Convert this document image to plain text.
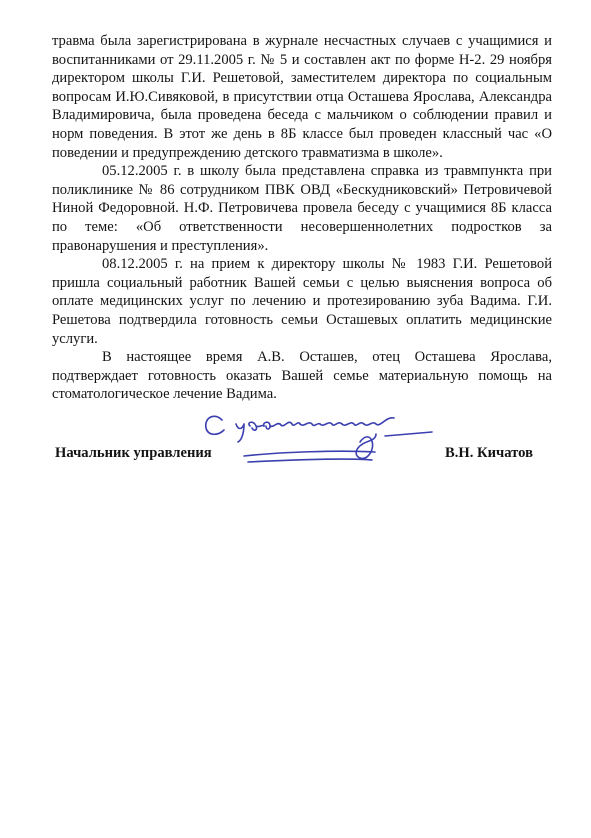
травма была зарегистрирована в журнале несчастных случаев с учащимися и воспитанниками от 29.11.2005 г. № 5 и составлен акт по форме Н-2. 29 ноября директором школы Г.И. Решетовой, заместителем директора по социальным вопросам И.Ю.Сивяковой, в присутствии отца Осташева Ярослава, Александра Владимировича, была проведена беседа с мальчиком о соблюдении правил и норм поведения. В этот же день в 8Б классе был проведен классный час «О поведении и предупреждению детского травматизма в школе».

05.12.2005 г. в школу была представлена справка из травмпункта при поликлинике № 86 сотрудником ПВК ОВД «Бескудниковский» Петровичевой Ниной Федоровной. Н.Ф. Петровичева провела беседу с учащимися 8Б класса по теме: «Об ответственности несовершеннолетних подростков за правонарушения и преступления».

08.12.2005 г. на прием к директору школы № 1983 Г.И. Решетовой пришла социальный работник Вашей семьи с целью выяснения вопроса об оплате медицинских услуг по лечению и протезированию зуба Вадима. Г.И. Решетова подтвердила готовность семьи Осташевых оплатить медицинские услуги.

В настоящее время А.В. Осташев, отец Осташева Ярослава, подтверждает готовность оказать Вашей семье материальную помощь на стоматологическое лечение Вадима.

Начальник управления	В.Н. Кичатов
